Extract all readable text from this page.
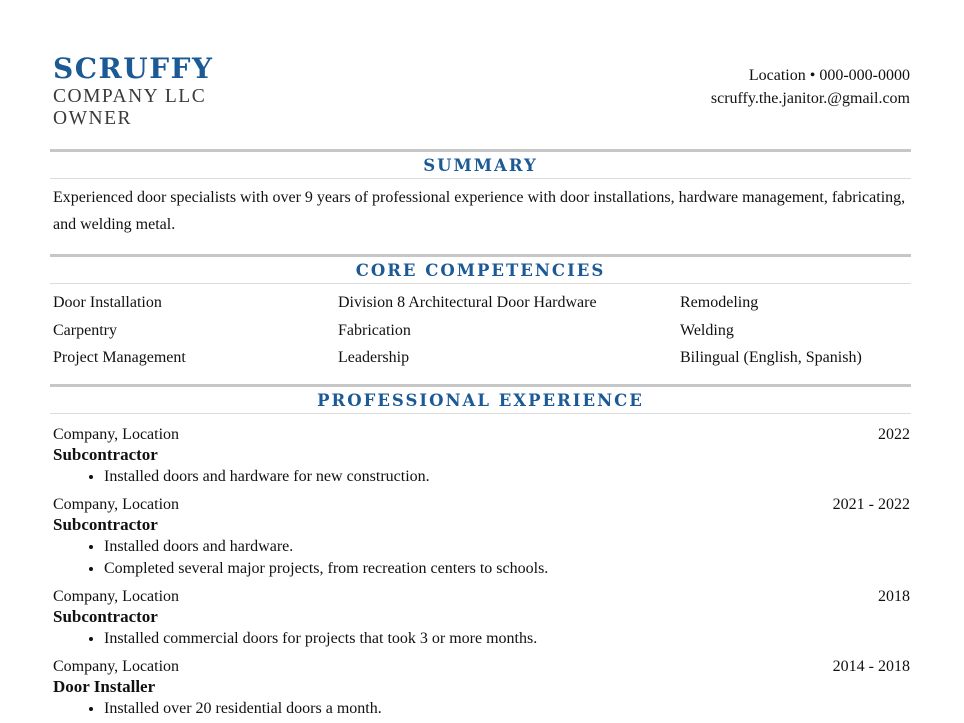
SCRUFFY
COMPANY LLC
OWNER
Location • 000-000-0000
scruffy.the.janitor.@gmail.com
SUMMARY
Experienced door specialists with over 9 years of professional experience with door installations, hardware management, fabricating, and welding metal.
CORE COMPETENCIES
Door Installation	Division 8 Architectural Door Hardware	Remodeling
Carpentry	Fabrication	Welding
Project Management	Leadership	Bilingual (English, Spanish)
PROFESSIONAL EXPERIENCE
Company, Location	2022
Subcontractor
• Installed doors and hardware for new construction.
Company, Location	2021 - 2022
Subcontractor
• Installed doors and hardware.
• Completed several major projects, from recreation centers to schools.
Company, Location	2018
Subcontractor
• Installed commercial doors for projects that took 3 or more months.
Company, Location	2014 - 2018
Door Installer
• Installed over 20 residential doors a month.
